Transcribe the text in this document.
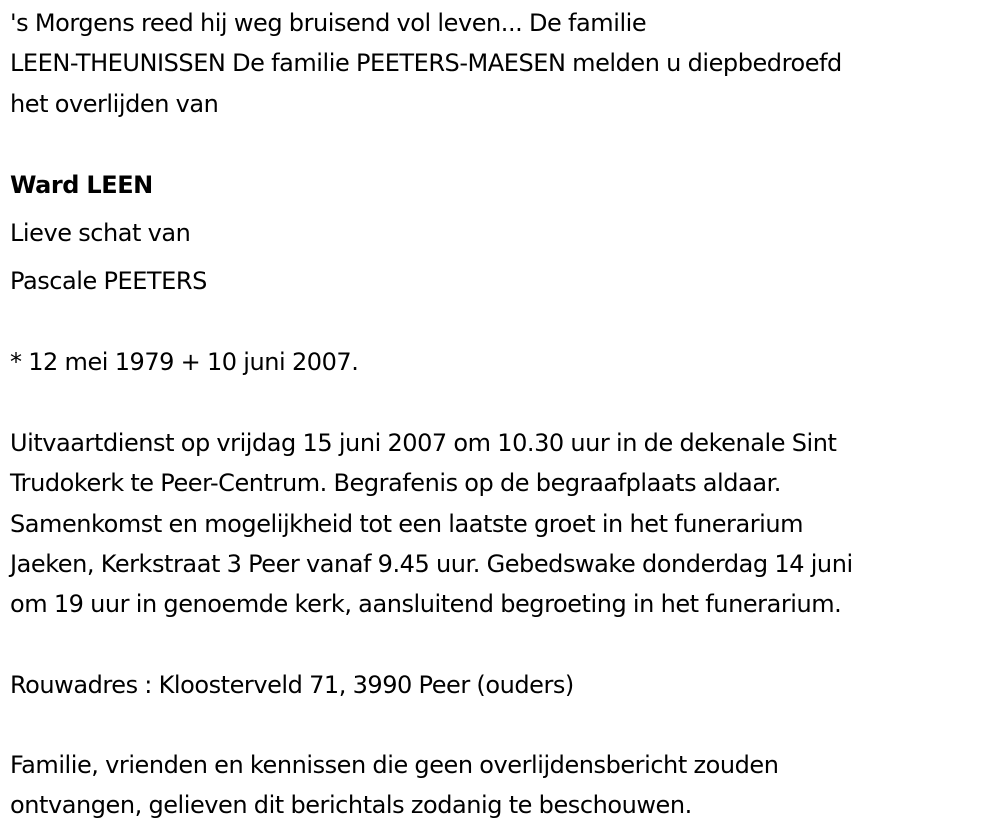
's Morgens reed hij weg bruisend vol leven... De familie
LEEN-THEUNISSEN De familie PEETERS-MAESEN melden u diepbedroefd
het overlijden van
Ward LEEN
Lieve schat van
Pascale PEETERS
* 12 mei 1979 + 10 juni 2007.
Uitvaartdienst op vrijdag 15 juni 2007 om 10.30 uur in de dekenale Sint
Trudokerk te Peer-Centrum. Begrafenis op de begraafplaats aldaar.
Samenkomst en mogelijkheid tot een laatste groet in het funerarium
Jaeken, Kerkstraat 3 Peer vanaf 9.45 uur. Gebedswake donderdag 14 juni
om 19 uur in genoemde kerk, aansluitend begroeting in het funerarium.
Rouwadres : Kloosterveld 71, 3990 Peer (ouders)
Familie, vrienden en kennissen die geen overlijdensbericht zouden
ontvangen, gelieven dit berichtals zodanig te beschouwen.
